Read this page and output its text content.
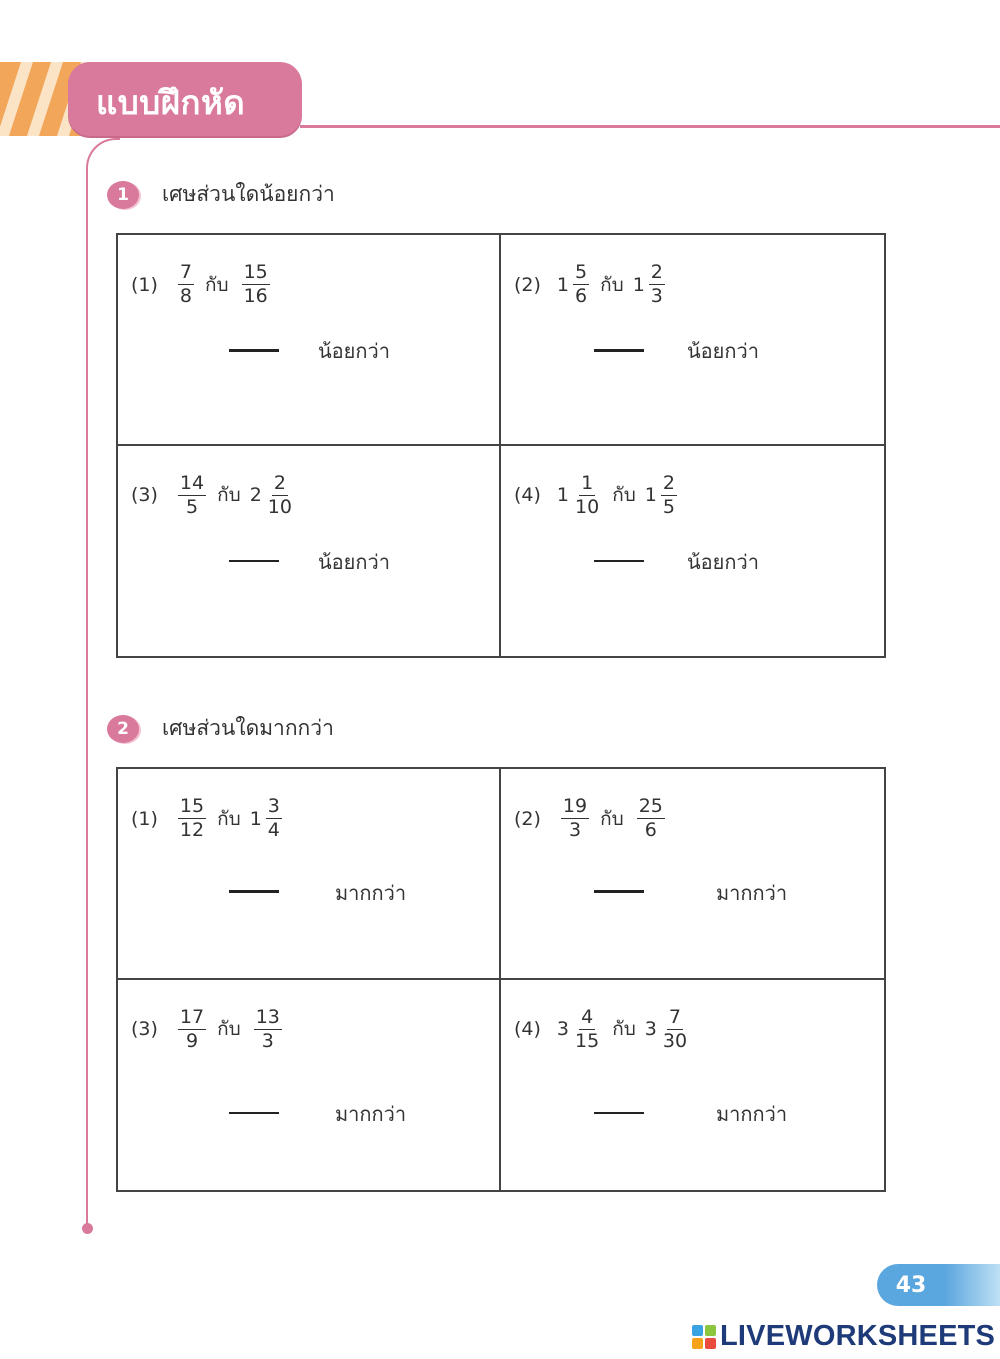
แบบฝึกหัด
1	เศษส่วนใดน้อยกว่า
$(1) \frac{7}{8}$ กับ $\frac{15}{16}$
น้อยกว่า
(2) $1 \frac{5}{6}$ กับ $1 \frac{2}{3}$
น้อยกว่า
$(3) \frac{14}{5}$ กับ $2 \frac{2}{10}$
น้อยกว่า
(4) $1 \frac{1}{10}$ กับ $1 \frac{2}{5}$
น้อยกว่า
2	เศษส่วนใดมากกว่า
$(1) \frac{15}{12}$ กับ $1 \frac{3}{4}$
มากกว่า
$(2) \frac{19}{3}$ กับ $\frac{25}{6}$
มากกว่า
$(3) \frac{17}{9}$ กับ $\frac{13}{3}$
มากกว่า
(4) $3 \frac{4}{15}$ กับ $3 \frac{7}{30}$
มากกว่า
43
LIVEWORKSHEETS
